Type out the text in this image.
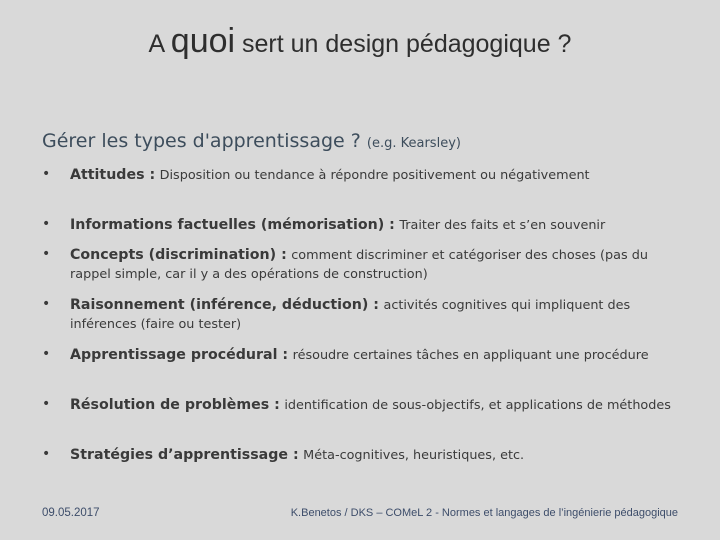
A quoi sert un design pédagogique ?
Gérer les types d'apprentissage ? (e.g. Kearsley)
• Attitudes : Disposition ou tendance à répondre positivement ou négativement
• Informations factuelles (mémorisation) : Traiter des faits et s’en souvenir
• Concepts (discrimination) : comment discriminer et catégoriser des choses (pas du rappel simple, car il y a des opérations de construction)
• Raisonnement (inférence, déduction) : activités cognitives qui impliquent des inférences (faire ou tester)
• Apprentissage procédural : résoudre certaines tâches en appliquant une procédure
• Résolution de problèmes : identification de sous-objectifs, et applications de méthodes
• Stratégies d’apprentissage : Méta-cognitives, heuristiques, etc.
09.05.2017	K.Benetos / DKS – COMeL 2 - Normes et langages de l’ingénierie pédagogique
